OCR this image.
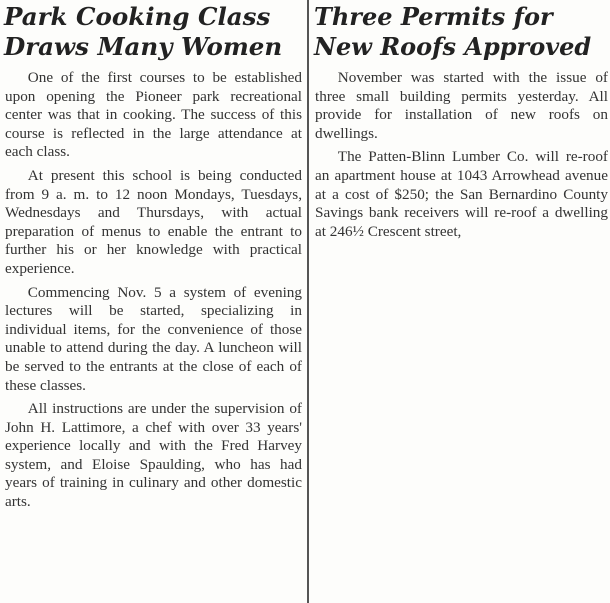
Park Cooking Class
Draws Many Women

One of the first courses to be established upon opening the Pioneer park recreational center was that in cooking. The success of this course is reflected in the large attendance at each class.

At present this school is being conducted from 9 a. m. to 12 noon Mondays, Tuesdays, Wednesdays and Thursdays, with actual preparation of menus to enable the entrant to further his or her knowledge with practical experience.

Commencing Nov. 5 a system of evening lectures will be started, specializing in individual items, for the convenience of those unable to attend during the day. A luncheon will be served to the entrants at the close of each of these classes.

All instructions are under the supervision of John H. Lattimore, a chef with over 33 years' experience locally and with the Fred Harvey system, and Eloise Spaulding, who has had years of training in culinary and other domestic arts.

Three Permits for
New Roofs Approved

November was started with the issue of three small building permits yesterday. All provide for installation of new roofs on dwellings.

The Patten-Blinn Lumber Co. will re-roof an apartment house at 1043 Arrowhead avenue at a cost of $250; the San Bernardino County Savings bank receivers will re-roof a dwelling at 246½ Crescent street,
